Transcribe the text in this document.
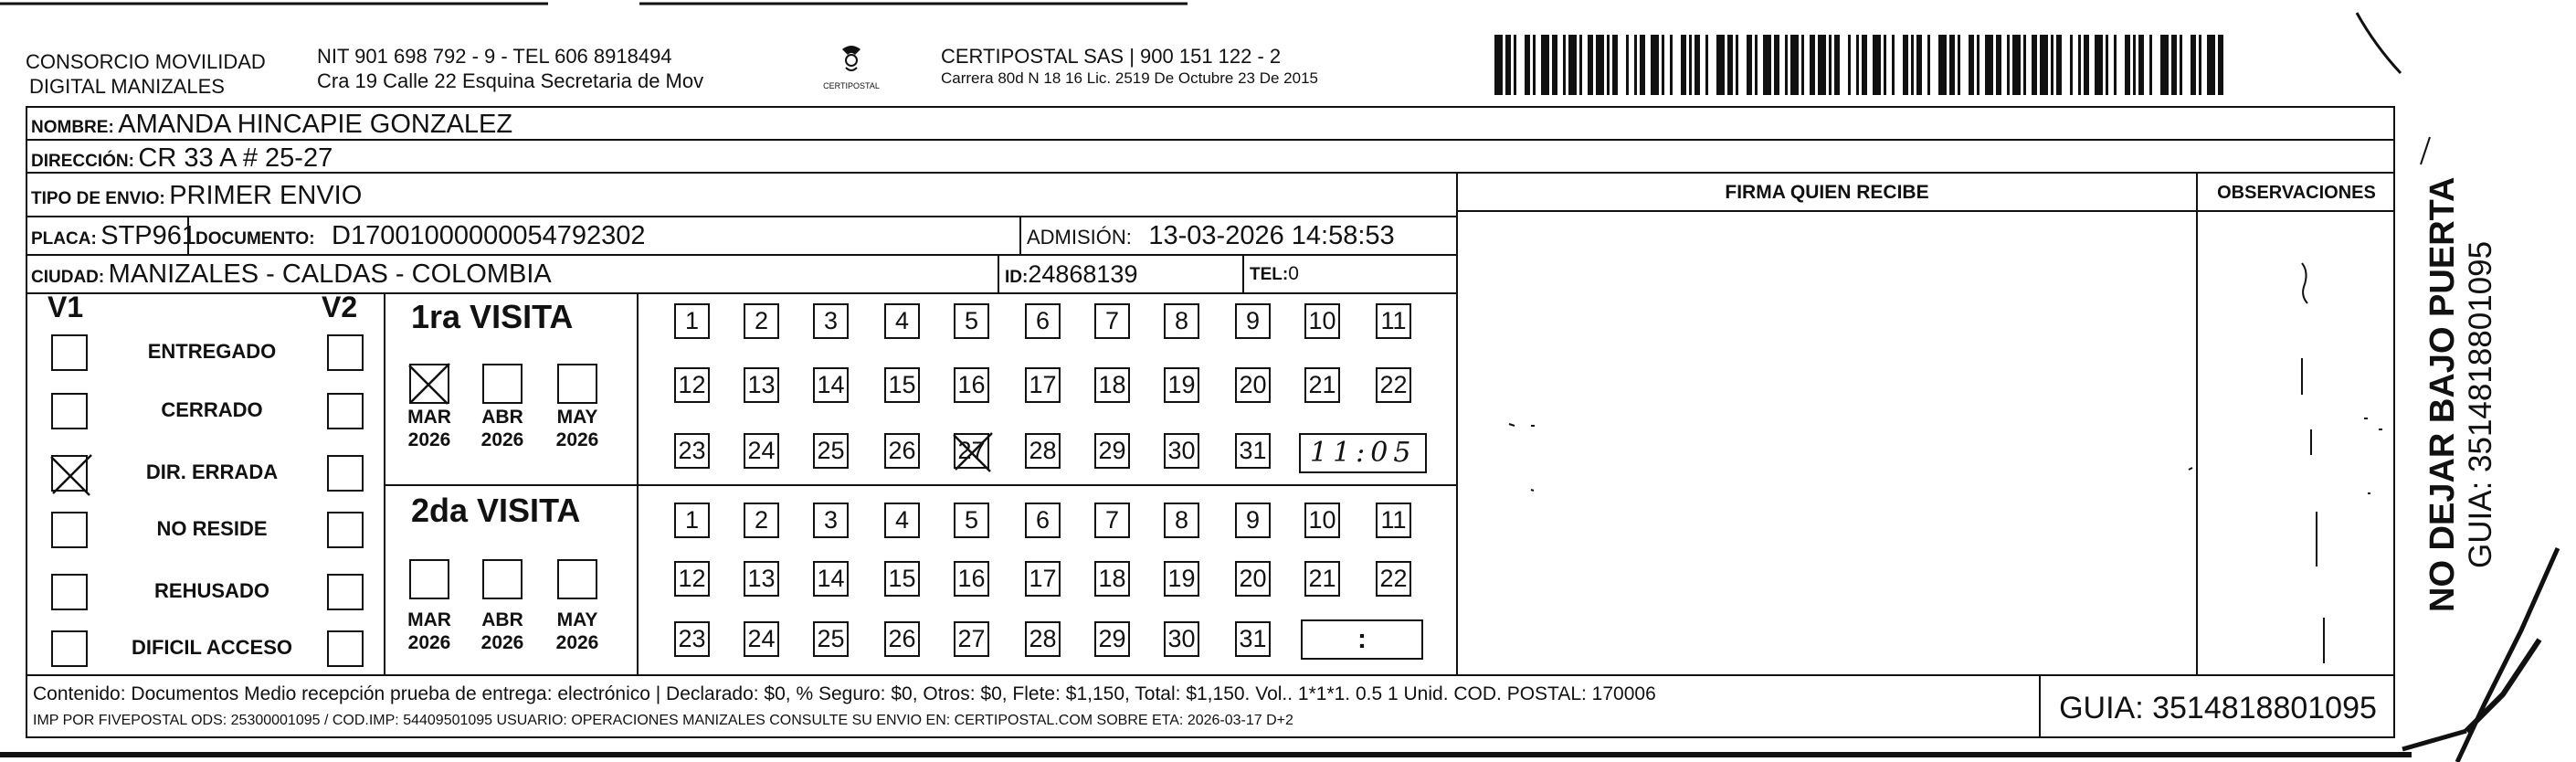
CONSORCIO MOVILIDAD
DIGITAL MANIZALES
NIT 901 698 792 - 9 - TEL 606 8918494
Cra 19 Calle 22 Esquina Secretaria de Mov	CERTIPOSTAL
CERTIPOSTAL SAS | 900 151 122 - 2
Carrera 80d N 18 16 Lic. 2519 De Octubre 23 De 2015
NOMBRE: AMANDA HINCAPIE GONZALEZ
DIRECCIÓN: CR 33 A # 25-27
TIPO DE ENVIO: PRIMER ENVIO
PLACA: STP961
DOCUMENTO: D17001000000054792302	ADMISIÓN: 13-03-2026 14:58:53
CIUDAD: MANIZALES - CALDAS - COLOMBIA	ID:24868139	TEL:0
FIRMA QUIEN RECIBE	OBSERVACIONES
V1	V2
ENTREGADO
CERRADO
DIR. ERRADA
NO RESIDE
REHUSADO
DIFICIL ACCESO
1ra VISITA
2da VISITA
MAR
2026
ABR
2026
MAY
2026
MAR
2026
ABR
2026
MAY
2026
1	2	3	4	5	6	7	8	9	10 11
12 13 14 15 16 17 18 19 20 21 22
23 24 25 26 27 28 29 30 31
1	2	3	4	5	6	7	8	9	10 11
12 13 14 15 16 17 18 19 20 21 22
23 24 25 26 27 28 29 30 31
11:05
:
Contenido: Documentos Medio recepción prueba de entrega: electrónico | Declarado: $0, % Seguro: $0, Otros: $0, Flete: $1,150, Total: $1,150. Vol.. 1*1*1. 0.5 1 Unid. COD. POSTAL: 170006
IMP POR FIVEPOSTAL ODS: 25300001095 / COD.IMP: 54409501095 USUARIO: OPERACIONES MANIZALES CONSULTE SU ENVIO EN: CERTIPOSTAL.COM SOBRE ETA: 2026-03-17 D+2	GUIA: 3514818801095
NO DEJAR BAJO PUERTA GUIA: 3514818801095
